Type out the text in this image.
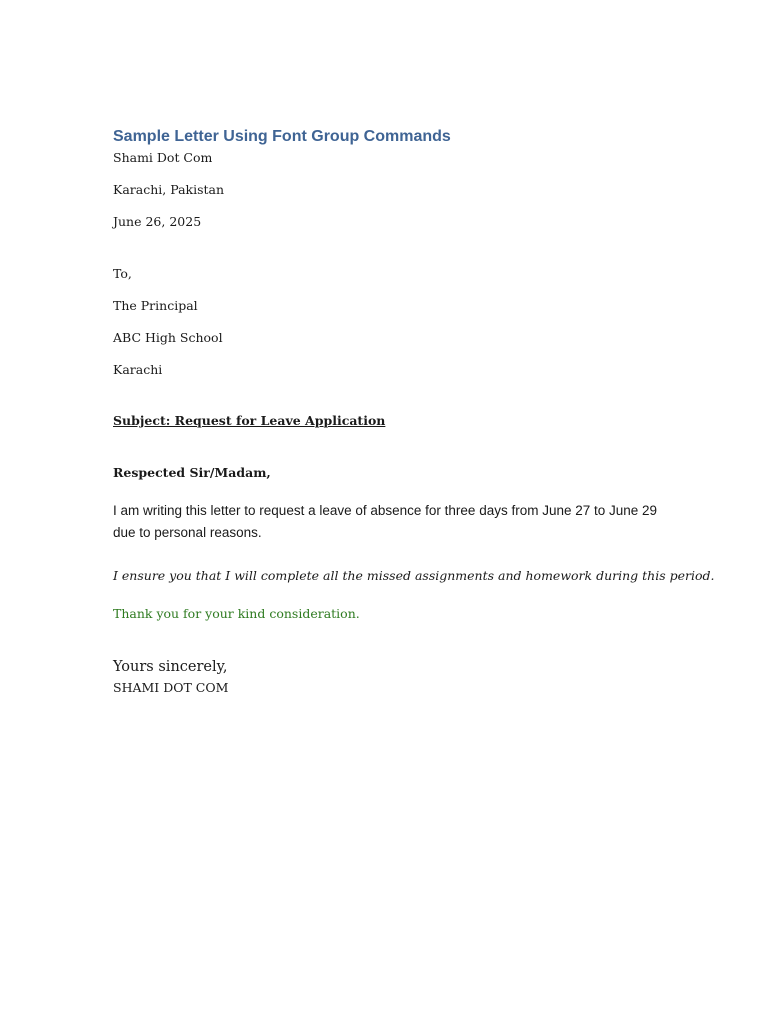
Sample Letter Using Font Group Commands
Shami Dot Com
Karachi, Pakistan
June 26, 2025
To,
The Principal
ABC High School
Karachi
Subject: Request for Leave Application
Respected Sir/Madam,
I am writing this letter to request a leave of absence for three days from June 27 to June 29 due to personal reasons.
I ensure you that I will complete all the missed assignments and homework during this period.
Thank you for your kind consideration.
Yours sincerely,
SHAMI DOT COM
